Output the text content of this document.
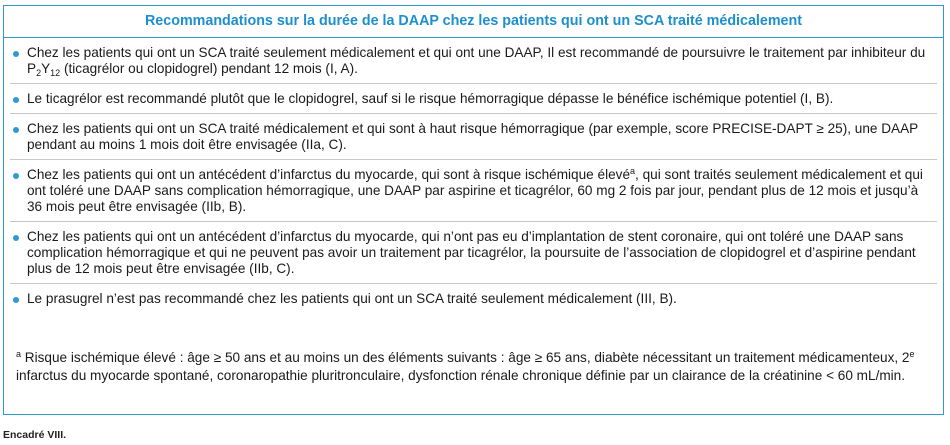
Recommandations sur la durée de la DAAP chez les patients qui ont un SCA traité médicalement
Chez les patients qui ont un SCA traité seulement médicalement et qui ont une DAAP, Il est recommandé de poursuivre le traitement par inhibiteur du $P_2Y_{12}$ (ticagrélor ou clopidogrel) pendant 12 mois (I, A).
Le ticagrélor est recommandé plutôt que le clopidogrel, sauf si le risque hémorragique dépasse le bénéfice ischémique potentiel (I, B).
Chez les patients qui ont un SCA traité médicalement et qui sont à haut risque hémorragique (par exemple, score PRECISE-DAPT ≥ 25), une DAAP pendant au moins 1 mois doit être envisagée (IIa, C).
Chez les patients qui ont un antécédent d’infarctus du myocarde, qui sont à risque ischémique élevé$^a$, qui sont traités seulement médicalement et qui ont toléré une DAAP sans complication hémorragique, une DAAP par aspirine et ticagrélor, 60 mg 2 fois par jour, pendant plus de 12 mois et jusqu’à 36 mois peut être envisagée (IIb, B).
Chez les patients qui ont un antécédent d’infarctus du myocarde, qui n’ont pas eu d’implantation de stent coronaire, qui ont toléré une DAAP sans complication hémorragique et qui ne peuvent pas avoir un traitement par ticagrélor, la poursuite de l’association de clopidogrel et d’aspirine pendant plus de 12 mois peut être envisagée (IIb, C).
Le prasugrel n’est pas recommandé chez les patients qui ont un SCA traité seulement médicalement (III, B).
$^a$ Risque ischémique élevé : âge ≥ 50 ans et au moins un des éléments suivants : âge ≥ 65 ans, diabète nécessitant un traitement médicamenteux, 2e infarctus du myocarde spontané, coronaropathie pluritronculaire, dysfonction rénale chronique définie par un clairance de la créatinine < 60 mL/min.
Encadré VIII.
